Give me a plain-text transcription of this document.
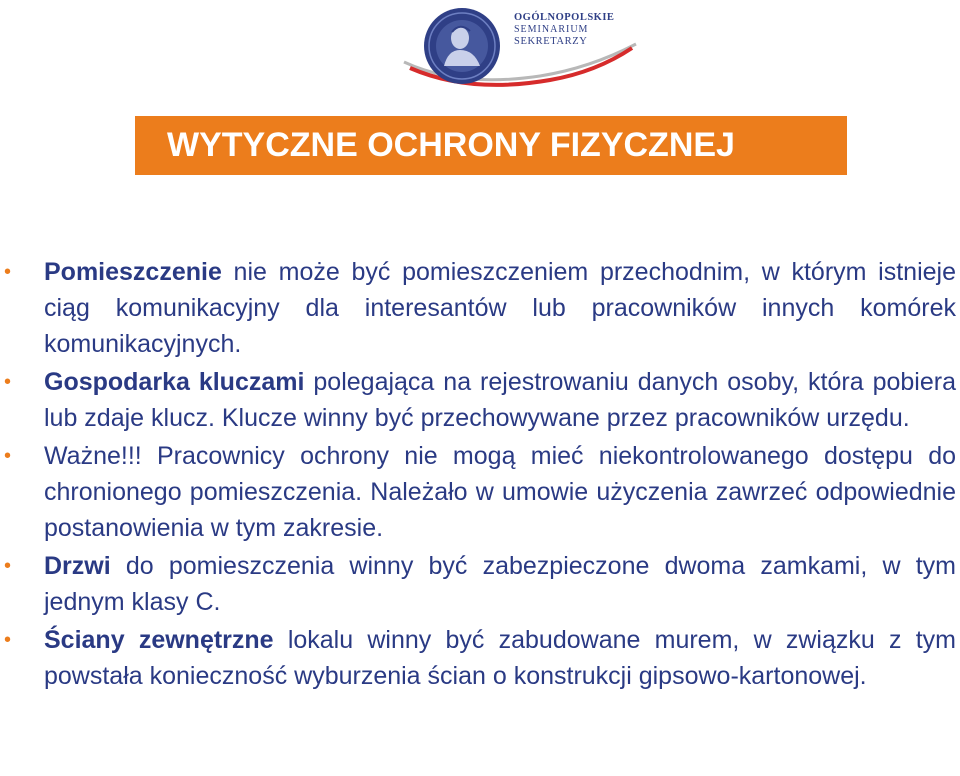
OGÓLNOPOLSKIE
SEMINARIUM
SEKRETARZY
WYTYCZNE OCHRONY FIZYCZNEJ
•	Pomieszczenie nie może być pomieszczeniem przechodnim, w którym istnieje ciąg komunikacyjny dla interesantów lub pracowników innych komórek komunikacyjnych.
•	Gospodarka kluczami polegająca na rejestrowaniu danych osoby, która pobiera lub zdaje klucz. Klucze winny być przechowywane przez pracowników urzędu.
•	Ważne!!! Pracownicy ochrony nie mogą mieć niekontrolowanego dostępu do chronionego pomieszczenia. Należało w umowie użyczenia zawrzeć odpowiednie postanowienia w tym zakresie.
•	Drzwi do pomieszczenia winny być zabezpieczone dwoma zamkami, w tym jednym klasy C.
•	Ściany zewnętrzne lokalu winny być zabudowane murem, w związku z tym powstała konieczność wyburzenia ścian o konstrukcji gipsowo-kartonowej.
